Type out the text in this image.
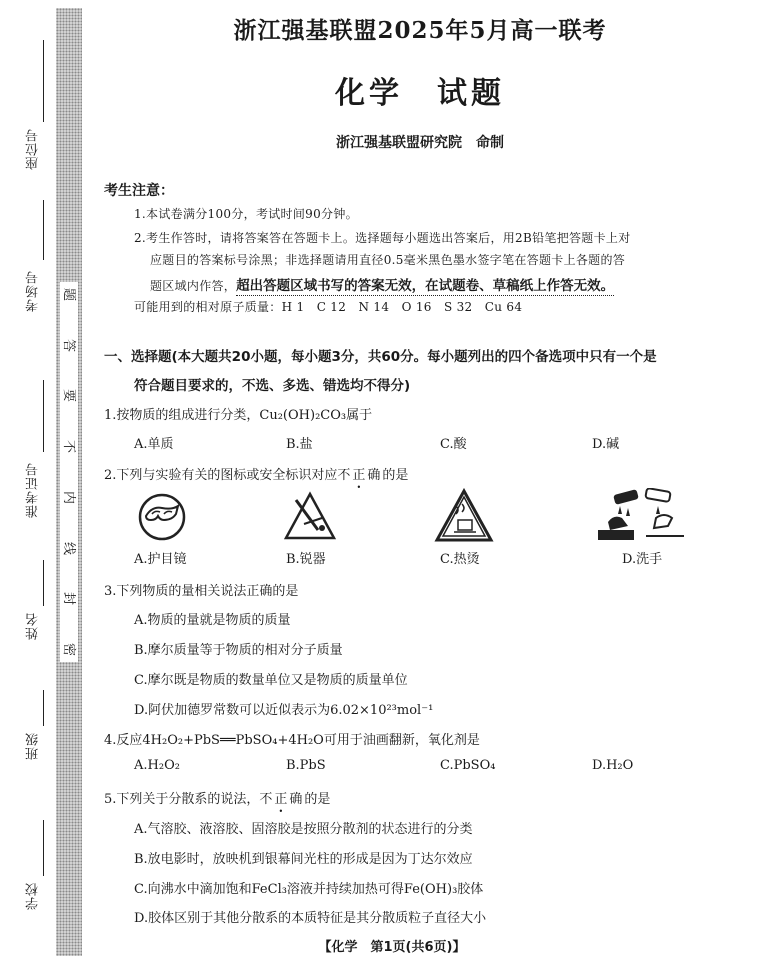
座位号
考场号
准考证号
姓名
班级
学校
题
答
要
不
内
线
封
密
浙江强基联盟2025年5月高一联考
化学　试题
浙江强基联盟研究院　命制
考生注意：
1.本试卷满分100分，考试时间90分钟。
2.考生作答时，请将答案答在答题卡上。选择题每小题选出答案后，用2B铅笔把答题卡上对
应题目的答案标号涂黑；非选择题请用直径0.5毫米黑色墨水签字笔在答题卡上各题的答
题区域内作答，超出答题区域书写的答案无效，在试题卷、草稿纸上作答无效。
可能用到的相对原子质量：H 1　C 12　N 14　O 16　S 32　Cu 64
一、选择题(本大题共20小题，每小题3分，共60分。每小题列出的四个备选项中只有一个是
符合题目要求的，不选、多选、错选均不得分)
1.按物质的组成进行分类，Cu₂(OH)₂CO₃属于
A.单质	B.盐	C.酸	D.碱
2.下列与实验有关的图标或安全标识对应不正确的是
A.护目镜	B.锐器	C.热烫	D.洗手
3.下列物质的量相关说法正确的是
A.物质的量就是物质的质量
B.摩尔质量等于物质的相对分子质量
C.摩尔既是物质的数量单位又是物质的质量单位
D.阿伏加德罗常数可以近似表示为6.02×10²³mol⁻¹
4.反应4H₂O₂+PbS══PbSO₄+4H₂O可用于油画翻新，氧化剂是
A.H₂O₂	B.PbS	C.PbSO₄	D.H₂O
5.下列关于分散系的说法，不正确的是
A.气溶胶、液溶胶、固溶胶是按照分散剂的状态进行的分类
B.放电影时，放映机到银幕间光柱的形成是因为丁达尔效应
C.向沸水中滴加饱和FeCl₃溶液并持续加热可得Fe(OH)₃胶体
D.胶体区别于其他分散系的本质特征是其分散质粒子直径大小
【化学　第1页(共6页)】
